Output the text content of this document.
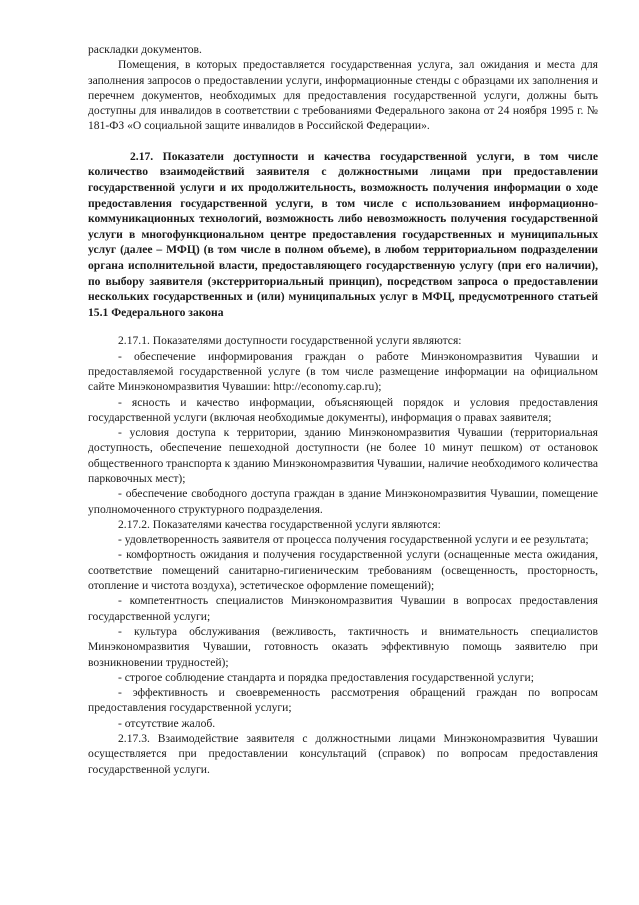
раскладки документов.

Помещения, в которых предоставляется государственная услуга, зал ожидания и места для заполнения запросов о предоставлении услуги, информационные стенды с образцами их заполнения и перечнем документов, необходимых для предоставления государственной услуги, должны быть доступны для инвалидов в соответствии с требованиями Федерального закона от 24 ноября 1995 г. № 181-ФЗ «О социальной защите инвалидов в Российской Федерации».

2.17. Показатели доступности и качества государственной услуги, в том числе количество взаимодействий заявителя с должностными лицами при предоставлении государственной услуги и их продолжительность, возможность получения информации о ходе предоставления государственной услуги, в том числе с использованием информационно-коммуникационных технологий, возможность либо невозможность получения государственной услуги в многофункциональном центре предоставления государственных и муниципальных услуг (далее – МФЦ) (в том числе в полном объеме), в любом территориальном подразделении органа исполнительной власти, предоставляющего государственную услугу (при его наличии), по выбору заявителя (экстерриториальный принцип), посредством запроса о предоставлении нескольких государственных и (или) муниципальных услуг в МФЦ, предусмотренного статьей 15.1 Федерального закона

2.17.1. Показателями доступности государственной услуги являются:

- обеспечение информирования граждан о работе Минэкономразвития Чувашии и предоставляемой государственной услуге (в том числе размещение информации на официальном сайте Минэкономразвития Чувашии: http://economy.cap.ru);

- ясность и качество информации, объясняющей порядок и условия предоставления государственной услуги (включая необходимые документы), информация о правах заявителя;

- условия доступа к территории, зданию Минэкономразвития Чувашии (территориальная доступность, обеспечение пешеходной доступности (не более 10 минут пешком) от остановок общественного транспорта к зданию Минэкономразвития Чувашии, наличие необходимого количества парковочных мест);

- обеспечение свободного доступа граждан в здание Минэкономразвития Чувашии, помещение уполномоченного структурного подразделения.

2.17.2. Показателями качества государственной услуги являются:

- удовлетворенность заявителя от процесса получения государственной услуги и ее результата;

- комфортность ожидания и получения государственной услуги (оснащенные места ожидания, соответствие помещений санитарно-гигиеническим требованиям (освещенность, просторность, отопление и чистота воздуха), эстетическое оформление помещений);

- компетентность специалистов Минэкономразвития Чувашии в вопросах предоставления государственной услуги;

- культура обслуживания (вежливость, тактичность и внимательность специалистов Минэкономразвития Чувашии, готовность оказать эффективную помощь заявителю при возникновении трудностей);

- строгое соблюдение стандарта и порядка предоставления государственной услуги;

- эффективность и своевременность рассмотрения обращений граждан по вопросам предоставления государственной услуги;

- отсутствие жалоб.

2.17.3. Взаимодействие заявителя с должностными лицами Минэкономразвития Чувашии осуществляется при предоставлении консультаций (справок) по вопросам предоставления государственной услуги.
